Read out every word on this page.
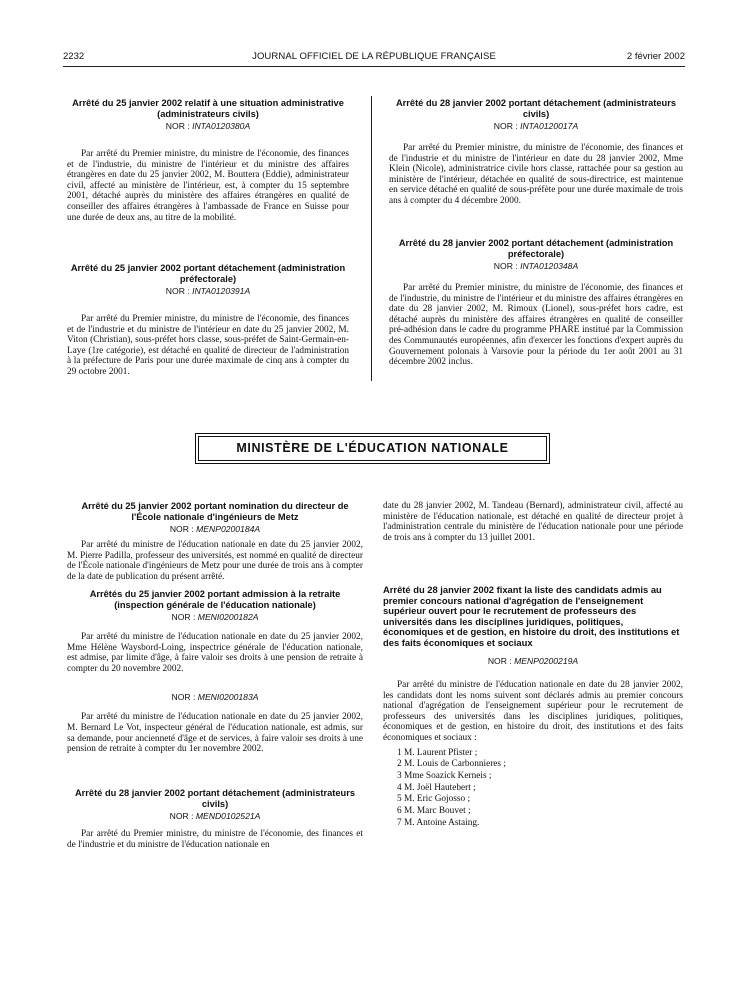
2232	JOURNAL OFFICIEL DE LA RÉPUBLIQUE FRANÇAISE	2 février 2002
Arrêté du 25 janvier 2002 relatif à une situation administrative (administrateurs civils)
NOR : INTA0120380A

Par arrêté du Premier ministre, du ministre de l'économie, des finances et de l'industrie, du ministre de l'intérieur et du ministre des affaires étrangères en date du 25 janvier 2002, M. Bouttera (Eddie), administrateur civil, affecté au ministère de l'intérieur, est, à compter du 15 septembre 2001, détaché auprès du ministère des affaires étrangères en qualité de conseiller des affaires étrangères à l'ambassade de France en Suisse pour une durée de deux ans, au titre de la mobilité.

Arrêté du 25 janvier 2002 portant détachement (administration préfectorale)
NOR : INTA0120391A

Par arrêté du Premier ministre, du ministre de l'économie, des finances et de l'industrie et du ministre de l'intérieur en date du 25 janvier 2002, M. Viton (Christian), sous-préfet hors classe, sous-préfet de Saint-Germain-en-Laye (1re catégorie), est détaché en qualité de directeur de l'administration à la préfecture de Paris pour une durée maximale de cinq ans à compter du 29 octobre 2001.

Arrêté du 28 janvier 2002 portant détachement (administrateurs civils)
NOR : INTA0120017A

Par arrêté du Premier ministre, du ministre de l'économie, des finances et de l'industrie et du ministre de l'intérieur en date du 28 janvier 2002, Mme Klein (Nicole), administratrice civile hors classe, rattachée pour sa gestion au ministère de l'intérieur, détachée en qualité de sous-directrice, est maintenue en service détaché en qualité de sous-préfète pour une durée maximale de trois ans à compter du 4 décembre 2000.

Arrêté du 28 janvier 2002 portant détachement (administration préfectorale)
NOR : INTA0120348A

Par arrêté du Premier ministre, du ministre de l'économie, des finances et de l'industrie, du ministre de l'intérieur et du ministre des affaires étrangères en date du 28 janvier 2002, M. Rimoux (Lionel), sous-préfet hors cadre, est détaché auprès du ministère des affaires étrangères en qualité de conseiller pré-adhésion dans le cadre du programme PHARE institué par la Commission des Communautés européennes, afin d'exercer les fonctions d'expert auprès du Gouvernement polonais à Varsovie pour la période du 1er août 2001 au 31 décembre 2002 inclus.

MINISTÈRE DE L'ÉDUCATION NATIONALE
Arrêté du 25 janvier 2002 portant nomination du directeur de l'École nationale d'ingénieurs de Metz
NOR : MENP0200184A

Par arrêté du ministre de l'éducation nationale en date du 25 janvier 2002, M. Pierre Padilla, professeur des universités, est nommé en qualité de directeur de l'École nationale d'ingénieurs de Metz pour une durée de trois ans à compter de la date de publication du présent arrêté.

Arrêtés du 25 janvier 2002 portant admission à la retraite (inspection générale de l'éducation nationale)
NOR : MENI0200182A

Par arrêté du ministre de l'éducation nationale en date du 25 janvier 2002, Mme Hélène Waysbord-Loing, inspectrice générale de l'éducation nationale, est admise, par limite d'âge, à faire valoir ses droits à une pension de retraite à compter du 20 novembre 2002.

NOR : MENI0200183A

Par arrêté du ministre de l'éducation nationale en date du 25 janvier 2002, M. Bernard Le Vot, inspecteur général de l'éducation nationale, est admis, sur sa demande, pour ancienneté d'âge et de services, à faire valoir ses droits à une pension de retraite à compter du 1er novembre 2002.

Arrêté du 28 janvier 2002 portant détachement (administrateurs civils)
NOR : MEND0102521A

Par arrêté du Premier ministre, du ministre de l'économie, des finances et de l'industrie et du ministre de l'éducation nationale en

date du 28 janvier 2002, M. Tandeau (Bernard), administrateur civil, affecté au ministère de l'éducation nationale, est détaché en qualité de directeur projet à l'administration centrale du ministère de l'éducation nationale pour une période de trois ans à compter du 13 juillet 2001.

Arrêté du 28 janvier 2002 fixant la liste des candidats admis au premier concours national d'agrégation de l'enseignement supérieur ouvert pour le recrutement de professeurs des universités dans les disciplines juridiques, politiques, économiques et de gestion, en histoire du droit, des institutions et des faits économiques et sociaux
NOR : MENP0200219A

Par arrêté du ministre de l'éducation nationale en date du 28 janvier 2002, les candidats dont les noms suivent sont déclarés admis au premier concours national d'agrégation de l'enseignement supérieur pour le recrutement de professeurs des universités dans les disciplines juridiques, politiques, économiques et de gestion, en histoire du droit, des institutions et des faits économiques et sociaux :

1 M. Laurent Pfister ;
2 M. Louis de Carbonnieres ;
3 Mme Soazick Kerneis ;
4 M. Joël Hautebert ;
5 M. Eric Gojosso ;
6 M. Marc Bouvet ;
7 M. Antoine Astaing.
